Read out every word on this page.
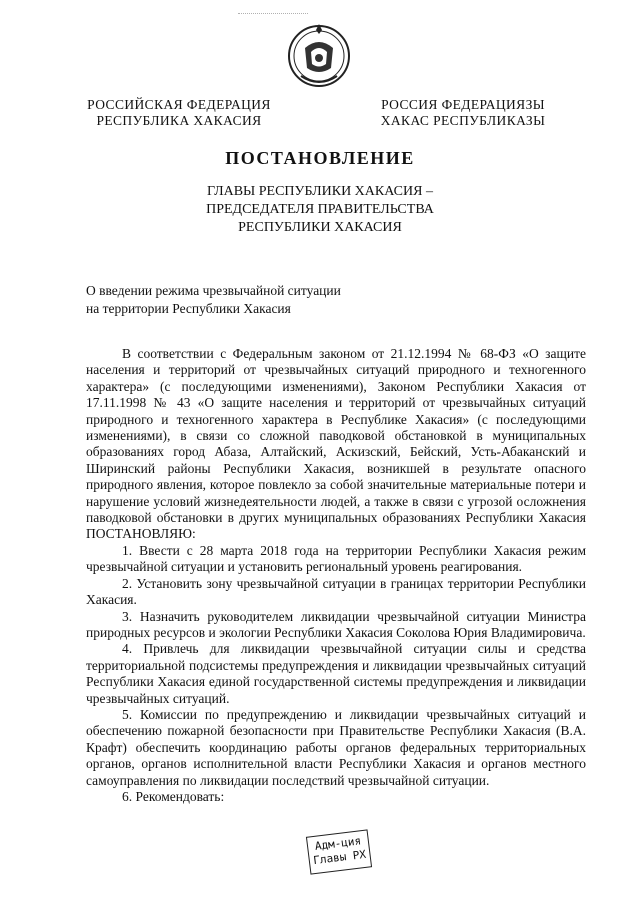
РОССИЙСКАЯ ФЕДЕРАЦИЯ
РЕСПУБЛИКА ХАКАСИЯ
РОССИЯ ФЕДЕРАЦИЯЗЫ
ХАКАС РЕСПУБЛИКАЗЫ
ПОСТАНОВЛЕНИЕ
ГЛАВЫ РЕСПУБЛИКИ ХАКАСИЯ –
ПРЕДСЕДАТЕЛЯ ПРАВИТЕЛЬСТВА
РЕСПУБЛИКИ ХАКАСИЯ
О введении режима чрезвычайной ситуации
на территории Республики Хакасия

В соответствии с Федеральным законом от 21.12.1994 № 68-ФЗ «О защите населения и территорий от чрезвычайных ситуаций природного и техногенного характера» (с последующими изменениями), Законом Республики Хакасия от 17.11.1998 № 43 «О защите населения и территорий от чрезвычайных ситуаций природного и техногенного характера в Республике Хакасия» (с последующими изменениями), в связи со сложной паводковой обстановкой в муниципальных образованиях город Абаза, Алтайский, Аскизский, Бейский, Усть-Абаканский и Ширинский районы Республики Хакасия, возникшей в результате опасного природного явления, которое повлекло за собой значительные материальные потери и нарушение условий жизнедеятельности людей, а также в связи с угрозой осложнения паводковой обстановки в других муниципальных образованиях Республики Хакасия ПОСТАНОВЛЯЮ:

1. Ввести с 28 марта 2018 года на территории Республики Хакасия режим чрезвычайной ситуации и установить региональный уровень реагирования.

2. Установить зону чрезвычайной ситуации в границах территории Республики Хакасия.

3. Назначить руководителем ликвидации чрезвычайной ситуации Министра природных ресурсов и экологии Республики Хакасия Соколова Юрия Владимировича.

4. Привлечь для ликвидации чрезвычайной ситуации силы и средства территориальной подсистемы предупреждения и ликвидации чрезвычайных ситуаций Республики Хакасия единой государственной системы предупреждения и ликвидации чрезвычайных ситуаций.

5. Комиссии по предупреждению и ликвидации чрезвычайных ситуаций и обеспечению пожарной безопасности при Правительстве Республики Хакасия (В.А. Крафт) обеспечить координацию работы органов федеральных территориальных органов, органов исполнительной власти Республики Хакасия и органов местного самоуправления по ликвидации последствий чрезвычайной ситуации.

6. Рекомендовать:

Адм-ция
Главы РХ
